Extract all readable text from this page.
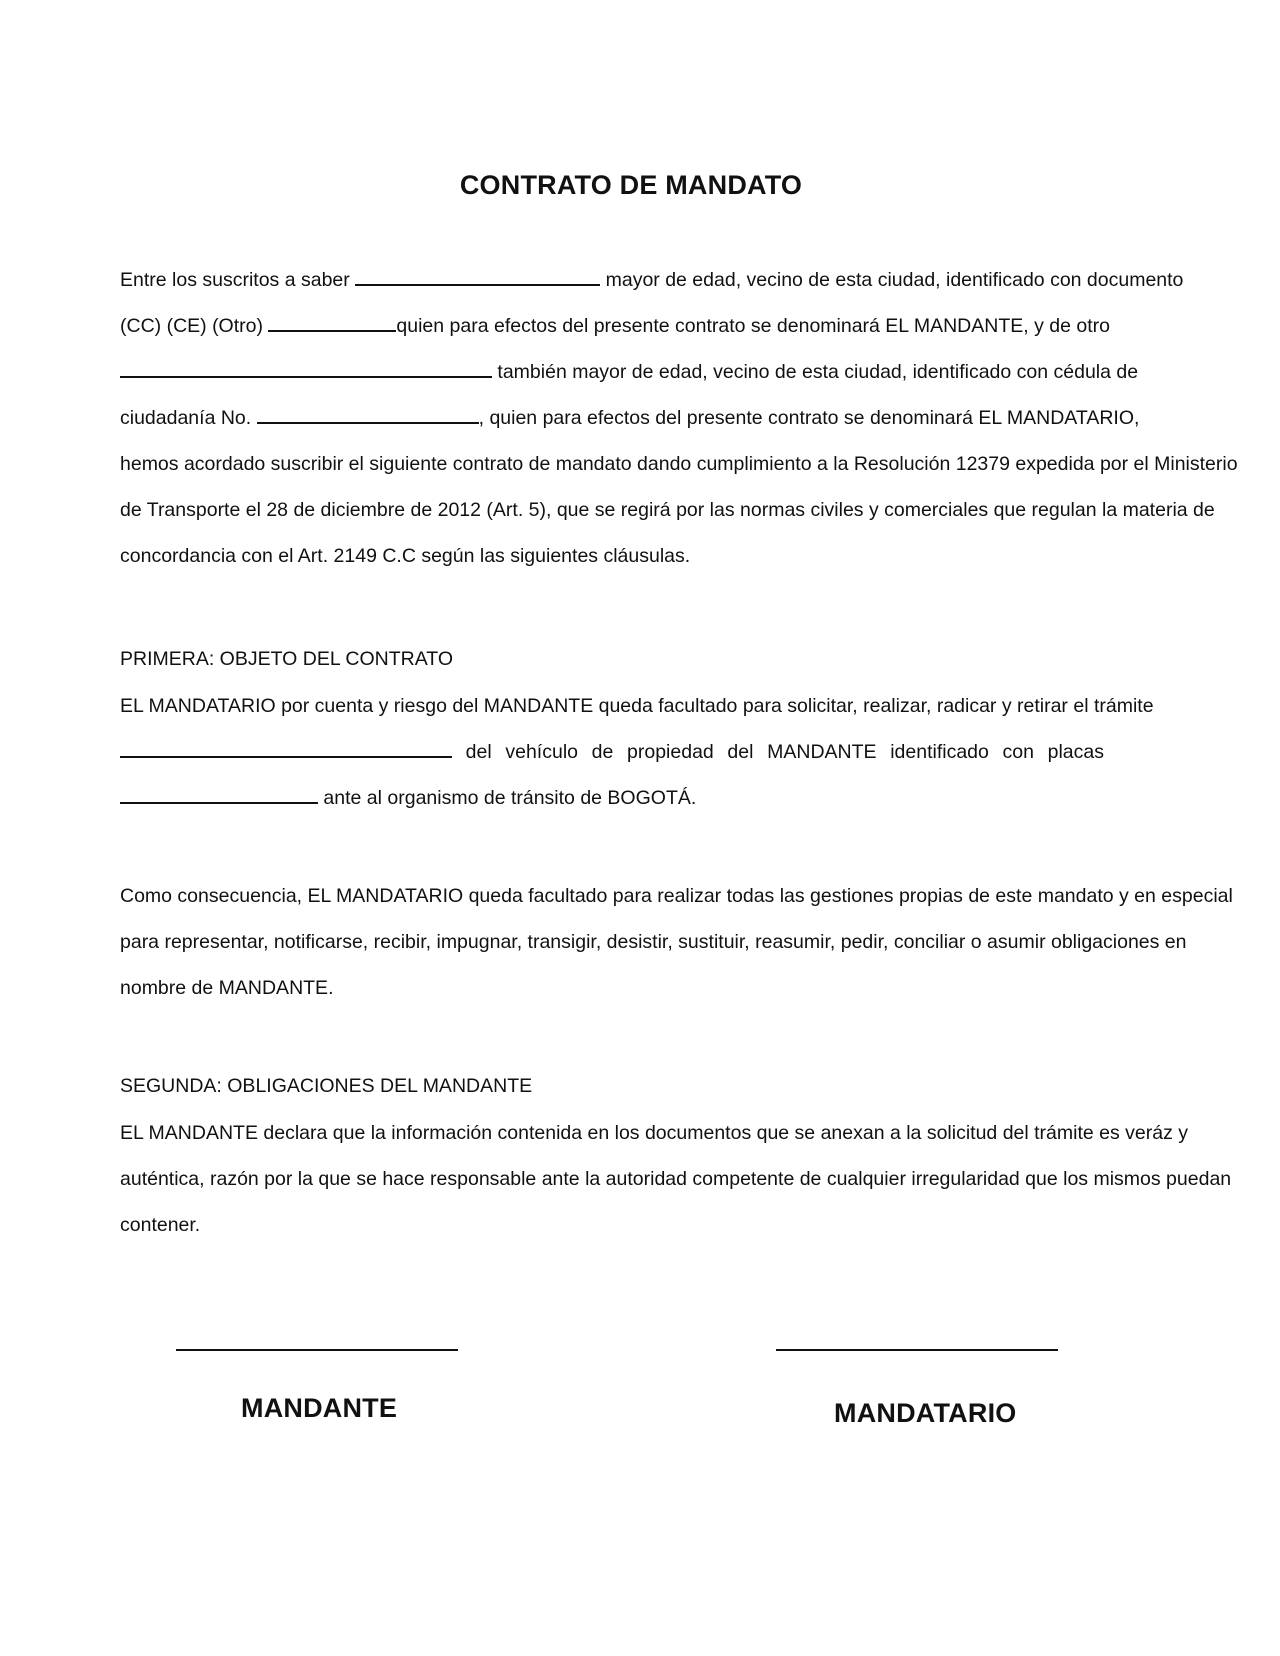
CONTRATO DE MANDATO
Entre los suscritos a saber	mayor de edad, vecino de esta ciudad, identificado con documento
(CC) (CE) (Otro)	quien para efectos del presente contrato se denominará EL MANDANTE, y de otro
también mayor de edad, vecino de esta ciudad, identificado con cédula de
ciudadanía No.	, quien para efectos del presente contrato se denominará EL MANDATARIO,
hemos acordado suscribir el siguiente contrato de mandato dando cumplimiento a la Resolución 12379 expedida por el Ministerio
de Transporte el 28 de diciembre de 2012 (Art. 5), que se regirá por las normas civiles y comerciales que regulan la materia de
concordancia con el Art. 2149 C.C según las siguientes cláusulas.
PRIMERA: OBJETO DEL CONTRATO
EL MANDATARIO por cuenta y riesgo del MANDANTE queda facultado para solicitar, realizar, radicar y retirar el trámite
del vehículo de propiedad del MANDANTE identificado con placas
ante al organismo de tránsito de BOGOTÁ.
Como consecuencia, EL MANDATARIO queda facultado para realizar todas las gestiones propias de este mandato y en especial
para representar, notificarse, recibir, impugnar, transigir, desistir, sustituir, reasumir, pedir, conciliar o asumir obligaciones en
nombre de MANDANTE.
SEGUNDA: OBLIGACIONES DEL MANDANTE
EL MANDANTE declara que la información contenida en los documentos que se anexan a la solicitud del trámite es veráz y
auténtica, razón por la que se hace responsable ante la autoridad competente de cualquier irregularidad que los mismos puedan
contener.
MANDANTE	MANDATARIO
